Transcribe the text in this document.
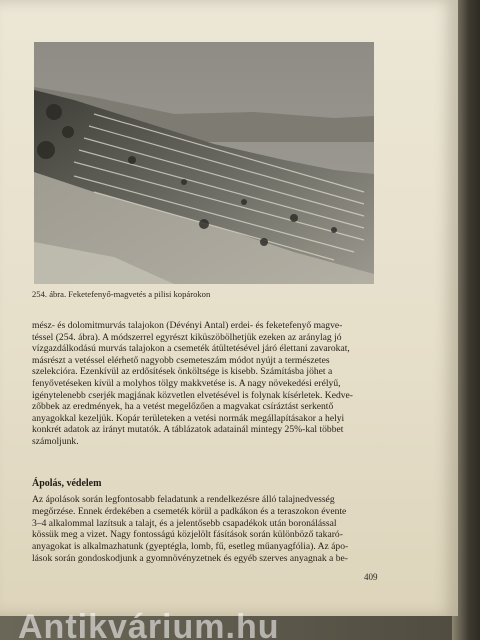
254. ábra. Feketefenyő-magvetés a pilisi kopárokon

mész- és dolomitmurvás talajokon (Dévényi Antal) erdei- és feketefenyő magve-
téssel (254. ábra). A módszerrel egyrészt kiküszöbölhetjük ezeken az aránylag jó
vízgazdálkodású murvás talajokon a csemeték átültetésével járó élettani zavarokat,
másrészt a vetéssel elérhető nagyobb csemeteszám módot nyújt a természetes
szelekcióra. Ezenkívül az erdősítések önköltsége is kisebb. Számításba jöhet a
fenyővetéseken kívül a molyhos tölgy makkvetése is. A nagy növekedési erélyű,
igénytelenebb cserjék magjának közvetlen elvetésével is folynak kísérletek. Kedve-
zőbbek az eredmények, ha a vetést megelőzően a magvakat csíráztást serkentő
anyagokkal kezeljük. Kopár területeken a vetési normák megállapításakor a helyi
konkrét adatok az irányt mutatók. A táblázatok adatainál mintegy 25%-kal többet
számoljunk.

Ápolás, védelem
Az ápolások során legfontosabb feladatunk a rendelkezésre álló talajnedvesség
megőrzése. Ennek érdekében a csemeték körül a padkákon és a teraszokon évente
3–4 alkalommal lazítsuk a talajt, és a jelentősebb csapadékok után boronálással
kössük meg a vizet. Nagy fontosságú közjelölt fásítások során különböző takaró-
anyagokat is alkalmazhatunk (gyeptégla, lomb, fű, esetleg műanyagfólia). Az ápo-
lások során gondoskodjunk a gyomnövényzetnek és egyéb szerves anyagnak a be-
409
Antikvárium.hu
